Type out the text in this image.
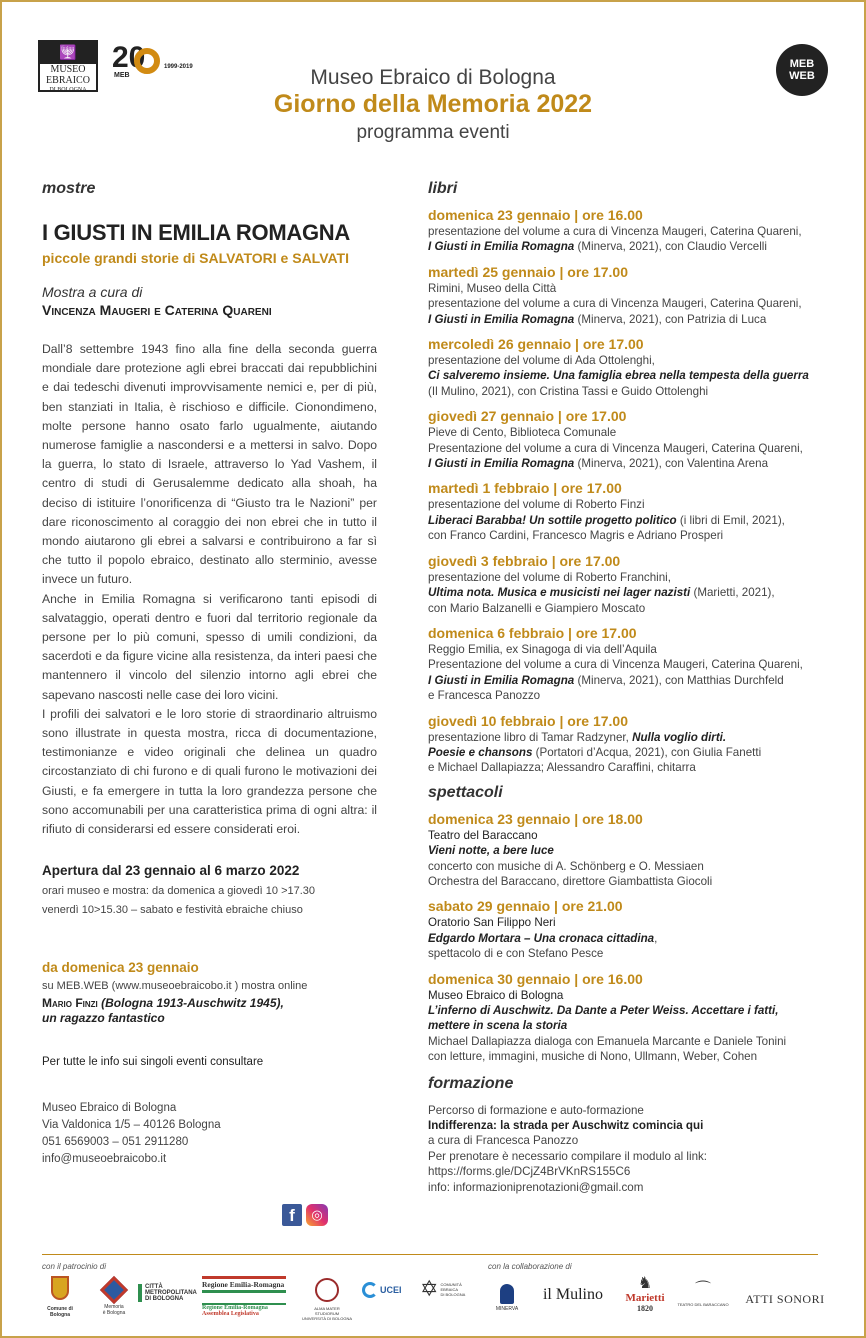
🕎
MUSEO
EBRAICO
DI BOLOGNA
20
MEB
1999-2019	MEB
WEB
Museo Ebraico di Bologna
Giorno della Memoria 2022
programma eventi
mostre
I GIUSTI IN EMILIA ROMAGNA
piccole grandi storie di SALVATORI e SALVATI
Mostra a cura di
Vincenza Maugeri e Caterina Quareni

Dall’8 settembre 1943 fino alla fine della seconda guerra mondiale dare protezione agli ebrei braccati dai repubblichini e dai tedeschi divenuti improvvisamente nemici e, per di più, ben stanziati in Italia, è rischioso e difficile. Cionondimeno, molte persone hanno osato farlo ugualmente, aiutando numerose famiglie a nascondersi e a mettersi in salvo. Dopo la guerra, lo stato di Israele, attraverso lo Yad Vashem, il centro di studi di Gerusalemme dedicato alla shoah, ha deciso di istituire l’onorificenza di “Giusto tra le Nazioni” per dare riconoscimento al coraggio dei non ebrei che in tutto il mondo aiutarono gli ebrei a salvarsi e contribuirono a far sì che tutto il popolo ebraico, destinato allo sterminio, avesse invece un futuro.

Anche in Emilia Romagna si verificarono tanti episodi di salvataggio, operati dentro e fuori dal territorio regionale da persone per lo più comuni, spesso di umili condizioni, da sacerdoti e da figure vicine alla resistenza, da interi paesi che mantennero il vincolo del silenzio intorno agli ebrei che sapevano nascosti nelle case dei loro vicini.

I profili dei salvatori e le loro storie di straordinario altruismo sono illustrate in questa mostra, ricca di documentazione, testimonianze e video originali che delinea un quadro circostanziato di chi furono e di quali furono le motivazioni dei Giusti, e fa emergere in tutta la loro grandezza persone che sono accomunabili per una caratteristica prima di ogni altra: il rifiuto di considerarsi ed essere considerati eroi.

Apertura dal 23 gennaio al 6 marzo 2022
orari museo e mostra: da domenica a giovedì 10 >17.30
venerdì 10>15.30 – sabato e festività ebraiche chiuso
da domenica 23 gennaio
su MEB.WEB (www.museoebraicobo.it ) mostra online
Mario Finzi (Bologna 1913-Auschwitz 1945),
un ragazzo fantastico
Per tutte le info sui singoli eventi consultare
Museo Ebraico di Bologna
Via Valdonica 1/5 – 40126 Bologna
051 6569003 – 051 2911280
info@museoebraicobo.it
f	◎
libri
domenica 23 gennaio | ore 16.00
presentazione del volume a cura di Vincenza Maugeri, Caterina Quareni,
I Giusti in Emilia Romagna (Minerva, 2021), con Claudio Vercelli
martedì 25 gennaio | ore 17.00
Rimini, Museo della Città
presentazione del volume a cura di Vincenza Maugeri, Caterina Quareni,
I Giusti in Emilia Romagna (Minerva, 2021), con Patrizia di Luca
mercoledì 26 gennaio | ore 17.00
presentazione del volume di Ada Ottolenghi,
Ci salveremo insieme. Una famiglia ebrea nella tempesta della guerra
(Il Mulino, 2021), con Cristina Tassi e Guido Ottolenghi
giovedì 27 gennaio | ore 17.00
Pieve di Cento, Biblioteca Comunale
Presentazione del volume a cura di Vincenza Maugeri, Caterina Quareni,
I Giusti in Emilia Romagna (Minerva, 2021), con Valentina Arena
martedì 1 febbraio | ore 17.00
presentazione del volume di Roberto Finzi
Liberaci Barabba! Un sottile progetto politico (i libri di Emil, 2021),
con Franco Cardini, Francesco Magris e Adriano Prosperi
giovedì 3 febbraio | ore 17.00
presentazione del volume di Roberto Franchini,
Ultima nota. Musica e musicisti nei lager nazisti (Marietti, 2021),
con Mario Balzanelli e Giampiero Moscato
domenica 6 febbraio | ore 17.00
Reggio Emilia, ex Sinagoga di via dell’Aquila
Presentazione del volume a cura di Vincenza Maugeri, Caterina Quareni,
I Giusti in Emilia Romagna (Minerva, 2021), con Matthias Durchfeld
e Francesca Panozzo
giovedì 10 febbraio | ore 17.00
presentazione libro di Tamar Radzyner, Nulla voglio dirti.
Poesie e chansons (Portatori d’Acqua, 2021), con Giulia Fanetti
e Michael Dallapiazza; Alessandro Caraffini, chitarra
spettacoli
domenica 23 gennaio | ore 18.00
Teatro del Baraccano
Vieni notte, a bere luce
concerto con musiche di A. Schönberg e O. Messiaen
Orchestra del Baraccano, direttore Giambattista Giocoli
sabato 29 gennaio | ore 21.00
Oratorio San Filippo Neri
Edgardo Mortara – Una cronaca cittadina,
spettacolo di e con Stefano Pesce
domenica 30 gennaio | ore 16.00
Museo Ebraico di Bologna
L’inferno di Auschwitz. Da Dante a Peter Weiss. Accettare i fatti,
mettere in scena la storia
Michael Dallapiazza dialoga con Emanuela Marcante e Daniele Tonini
con letture, immagini, musiche di Nono, Ullmann, Weber, Cohen
formazione
Percorso di formazione e auto-formazione
Indifferenza: la strada per Auschwitz comincia qui
a cura di Francesca Panozzo
Per prenotare è necessario compilare il modulo al link:
https://forms.gle/DCjZ4BrVKnRS155C6
info: informazioniprenotazioni@gmail.com
con il patrocinio di	con la collaborazione di
Comune di Bologna
Memoria
è Bologna
CITTÀ
METROPOLITANA
DI BOLOGNA
Regione Emilia-Romagna
Regione Emilia-Romagna
Assemblea Legislativa
ALMA MATER STUDIORUM
UNIVERSITÀ DI BOLOGNA
UCEI ✡ COMUNITÀ
EBRAICA
DI BOLOGNA
MINERVA
il Mulino
♞
Marietti
1820
⌒
TEATRO DEL BARACCANO	ATTI SONORI
